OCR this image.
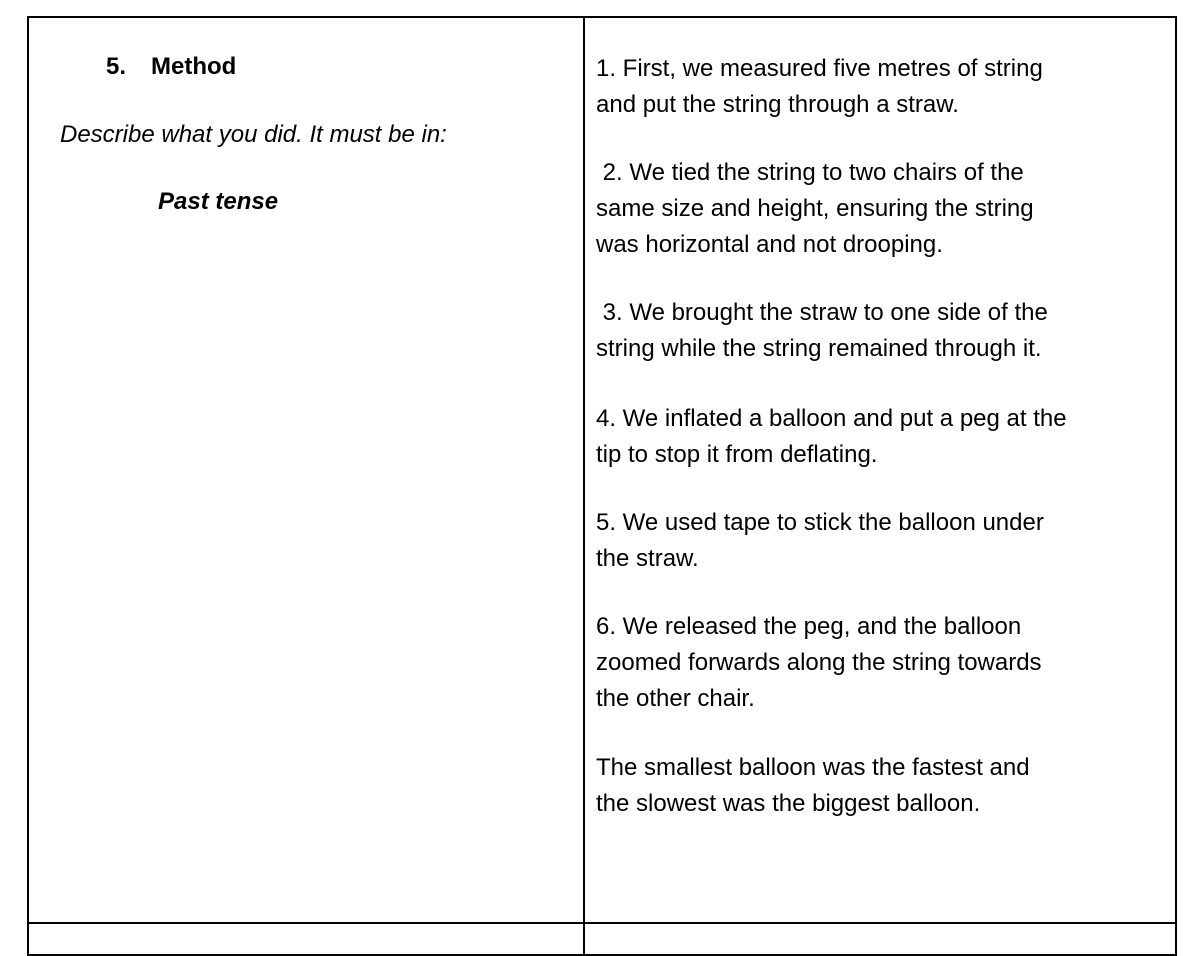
5. Method
Describe what you did. It must be in:
Past tense
1. First, we measured five metres of string
and put the string through a straw.
2. We tied the string to two chairs of the
same size and height, ensuring the string
was horizontal and not drooping.
3. We brought the straw to one side of the
string while the string remained through it.
4. We inflated a balloon and put a peg at the
tip to stop it from deflating.
5. We used tape to stick the balloon under
the straw.
6. We released the peg, and the balloon
zoomed forwards along the string towards
the other chair.
The smallest balloon was the fastest and
the slowest was the biggest balloon.
